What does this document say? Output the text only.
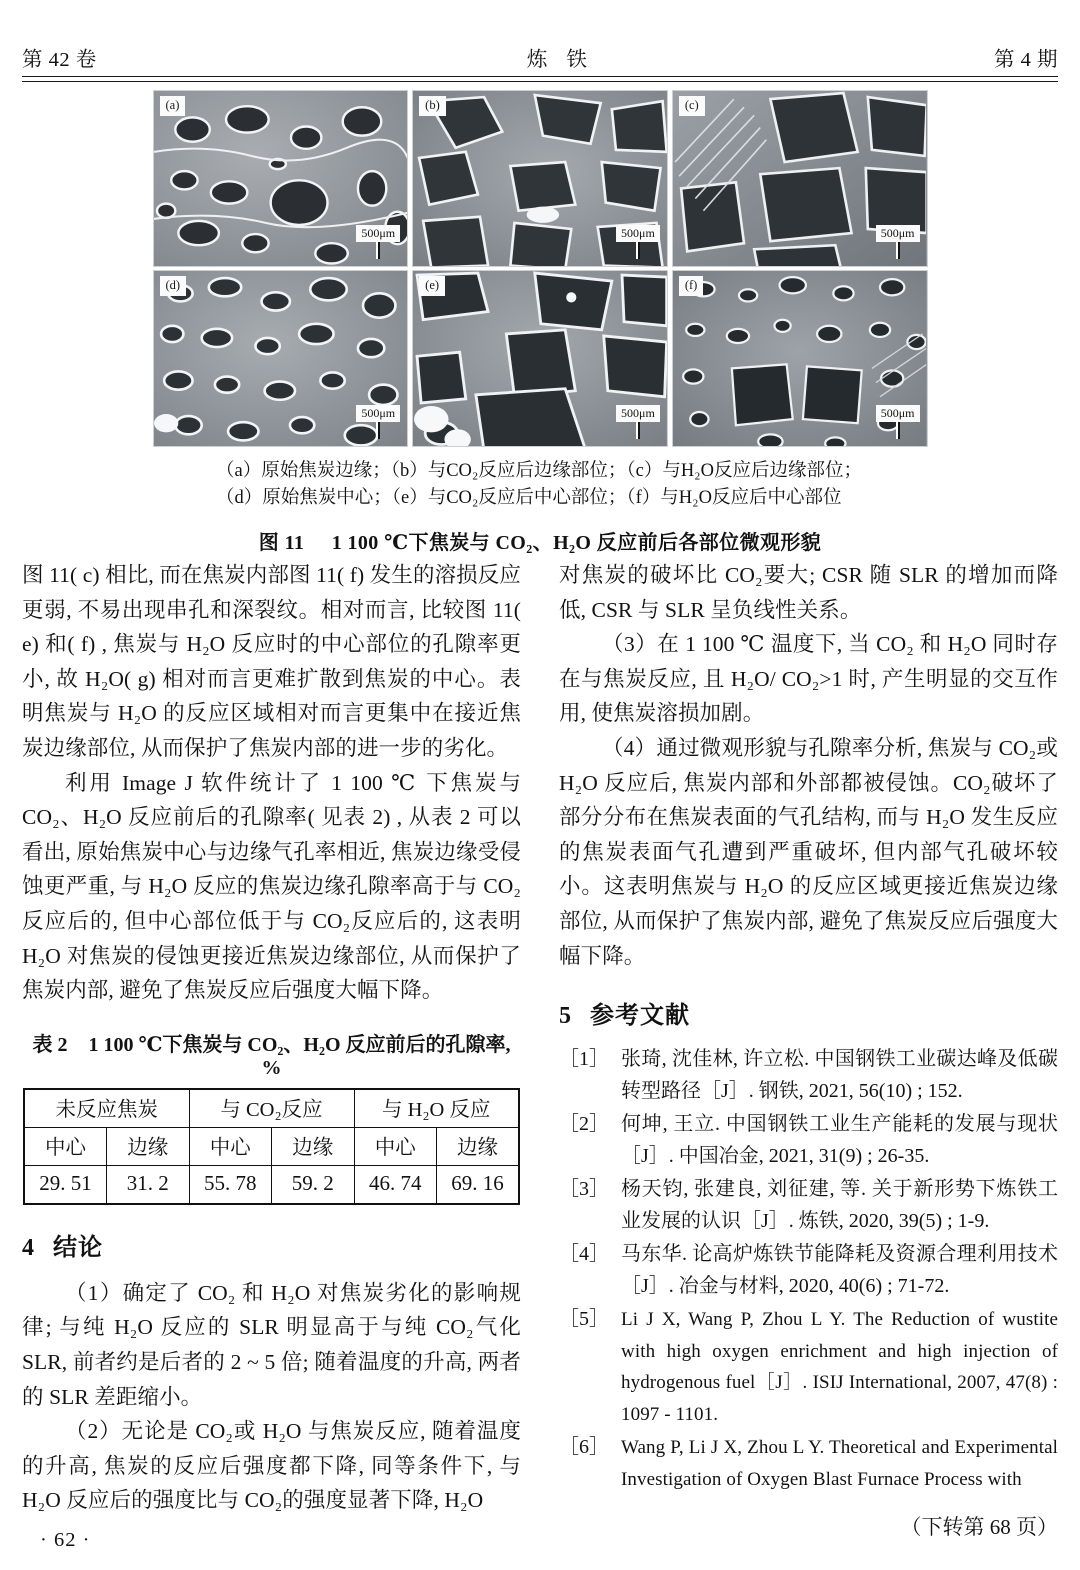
第 42 卷	炼 铁	第 4 期
(a)
500μm
(b)
500μm
(c)
500μm
(d)
500μm
(e)
500μm
(f)
500μm
（a）原始焦炭边缘；（b）与CO₂反应后边缘部位；（c）与H₂O反应后边缘部位；
（d）原始焦炭中心；（e）与CO₂反应后中心部位；（f）与H₂O反应后中心部位
图 11 1 100 ℃下焦炭与 CO₂、H₂O 反应前后各部位微观形貌

图 11( c) 相比, 而在焦炭内部图 11( f) 发生的溶损反应更弱, 不易出现串孔和深裂纹。相对而言, 比较图 11( e) 和( f) , 焦炭与 H₂O 反应时的中心部位的孔隙率更小, 故 H₂O( g) 相对而言更难扩散到焦炭的中心。表明焦炭与 H₂O 的反应区域相对而言更集中在接近焦炭边缘部位, 从而保护了焦炭内部的进一步的劣化。

利用 Image J 软件统计了 1 100 ℃ 下焦炭与 CO₂、H₂O 反应前后的孔隙率( 见表 2) , 从表 2 可以看出, 原始焦炭中心与边缘气孔率相近, 焦炭边缘受侵蚀更严重, 与 H₂O 反应的焦炭边缘孔隙率高于与 CO₂反应后的, 但中心部位低于与 CO₂反应后的, 这表明 H₂O 对焦炭的侵蚀更接近焦炭边缘部位, 从而保护了焦炭内部, 避免了焦炭反应后强度大幅下降。

表 2 1 100 ℃下焦炭与 CO₂、H₂O 反应前后的孔隙率, %
未反应焦炭		与 CO₂反应		与 H₂O 反应	
中心	边缘	中心	边缘	中心	边缘
29. 51	31. 2	55. 78	59. 2	46. 74	69. 16
4 结论

（1）确定了 CO₂ 和 H₂O 对焦炭劣化的影响规律; 与纯 H₂O 反应的 SLR 明显高于与纯 CO₂气化 SLR, 前者约是后者的 2 ~ 5 倍; 随着温度的升高, 两者的 SLR 差距缩小。

（2）无论是 CO₂或 H₂O 与焦炭反应, 随着温度的升高, 焦炭的反应后强度都下降, 同等条件下, 与 H₂O 反应后的强度比与 CO₂的强度显著下降, H₂O

对焦炭的破坏比 CO₂要大; CSR 随 SLR 的增加而降低, CSR 与 SLR 呈负线性关系。

（3）在 1 100 ℃ 温度下, 当 CO₂ 和 H₂O 同时存在与焦炭反应, 且 H₂O/ CO₂>1 时, 产生明显的交互作用, 使焦炭溶损加剧。

（4）通过微观形貌与孔隙率分析, 焦炭与 CO₂或 H₂O 反应后, 焦炭内部和外部都被侵蚀。CO₂破坏了部分分布在焦炭表面的气孔结构, 而与 H₂O 发生反应的焦炭表面气孔遭到严重破坏, 但内部气孔破坏较小。这表明焦炭与 H₂O 的反应区域更接近焦炭边缘部位, 从而保护了焦炭内部, 避免了焦炭反应后强度大幅下降。

5 参考文献
［1］ 张琦, 沈佳林, 许立松. 中国钢铁工业碳达峰及低碳转型路径［J］. 钢铁, 2021, 56(10) ; 152.
［2］ 何坤, 王立. 中国钢铁工业生产能耗的发展与现状［J］. 中国冶金, 2021, 31(9) ; 26-35.
［3］ 杨天钧, 张建良, 刘征建, 等. 关于新形势下炼铁工业发展的认识［J］. 炼铁, 2020, 39(5) ; 1-9.
［4］ 马东华. 论高炉炼铁节能降耗及资源合理利用技术［J］. 冶金与材料, 2020, 40(6) ; 71-72.
［5］ Li J X, Wang P, Zhou L Y. The Reduction of wustite with high oxygen enrichment and high injection of hydrogenous fuel［J］. ISIJ International, 2007, 47(8) : 1097 - 1101.
［6］ Wang P, Li J X, Zhou L Y. Theoretical and Experimental Investigation of Oxygen Blast Furnace Process with
（下转第 68 页）
· 62 ·
